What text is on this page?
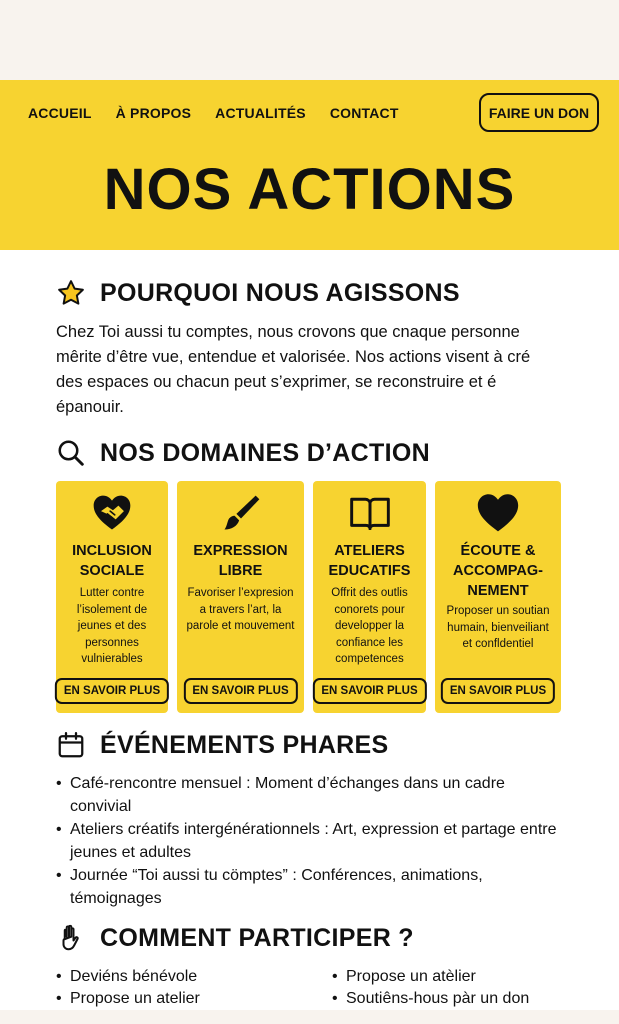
ACCUEIL À PROPOS ACTUALITÉS CONTACT	FAIRE UN DON
NOS ACTIONS
POURQUOI NOUS AGISSONS

Chez Toi aussi tu comptes, nous crovons que cnaque personne mêrite d’être vue, entendue et valorisée. Nos actions visent à cré des espaces ou chacun peut s’exprimer, se reconstruire et é épanouir.

NOS DOMAINES D’ACTION
INCLUSION SOCIALE
Lutter contre l’isolement de jeunes et des personnes vulnierables
EN SAVOIR PLUS
EXPRESSION LIBRE
Favoriser l’expresion a travers l’art, la parole et mouvement
EN SAVOIR PLUS
ATELIERS EDUCATIFS
Offrit des outlis conorets pour developper la confiance les competences
EN SAVOIR PLUS
ÉCOUTE & ACCOMPAG-NEMENT
Proposer un soutian humain, bienveiliant et confldentiel
EN SAVOIR PLUS
ÉVÉNEMENTS PHARES
• Café-rencontre mensuel : Moment d’échanges dans un cadre convivial
• Ateliers créatifs intergénérationnels : Art, expression et partage entre jeunes et adultes
• Journée “Toi aussi tu cömptes” : Conférences, animations, témoignages
COMMENT PARTICIPER ?
• Deviéns bénévole	• Propose un atèlier
• Propose un atelier	• Soutiêns-hous pàr un don
